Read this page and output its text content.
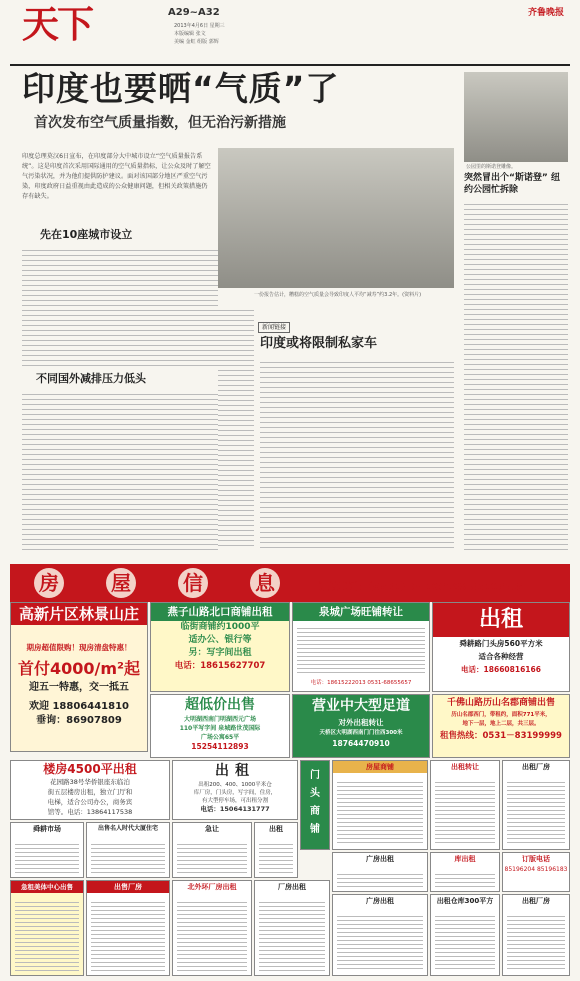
天下	A29~A32
2013年4月6日 星期三
本版编辑 张文
美编 金虹 组版 郭辉
齐鲁晚报
印度也要晒“气质”了
首次发布空气质量指数，但无治污新措施
公园里的斯诺登雕像。
突然冒出个“斯诺登” 纽约公园忙拆除
印度总理莫汉6日宣布，在印度部分大中城市设立“空气质量报告系统”。这是印度首次采用国际通用的空气质量指标，让公众及时了解空气污染状况，并为他们提供防护建议。面对该国部分地区严重空气污染，印度政府日益重视由此造成的公众健康问题，但相关政策措施仍存有缺失。
一份报告估计，糟糕的空气质量会导致印度人平均“减寿”约3.2年。(资料片)
先在10座城市设立
不同国外减排压力低头
新闻链接
印度或将限制私家车
房	屋	信	息	订版电话：（0531）85196183 85196234
高新片区林景山庄
期房超值限购！现房清盘特惠！
首付4000/m²起
迎五一特惠，交一抵五
欢迎 18806441810
垂询：86907809
燕子山路北口商铺出租
临街商铺约1000平
适办公、银行等
另：写字间出租
电话：18615627707
泉城广场旺铺转让
电话：18615222013 0531-68655657
出租
舜耕路门头房560平方米
适合各种经营
电话：18660816166
超低价出售
大明湖西南门明湖西元广场
110平写字间 泉城路世茂国际
广场公寓65平
15254112893
营业中大型足道
对外出租转让
天桥区大明湖西南门门往西300米
18764470910
千佛山路历山名郡商铺出售
历山名郡西门，带租约，面积771平米，
地下一层，地上二层，共三层。
租售热线：0531－83199999
楼房4500平出租
花园路38号华侨银座东临泊
街五层楼房出租，独立门厅和
电梯，适合公司办公，商务宾
馆等。电话：13864117538
出租
出租200、400、1000平米仓
库厂房，门头房，写字间，住房，
有大型停车场，可出租分割
电话：15064131777
门头商铺
房屋商铺	出租转让	出租厂房
舜耕市场	出售名人时代大厦住宅	急让	出租
广房出租	库出租	订版电话
85196204 85196183
急租美体中心出售	出售厂房	北外环厂房出租	厂房出租
广房出租	出租仓库300平方	出租厂房
